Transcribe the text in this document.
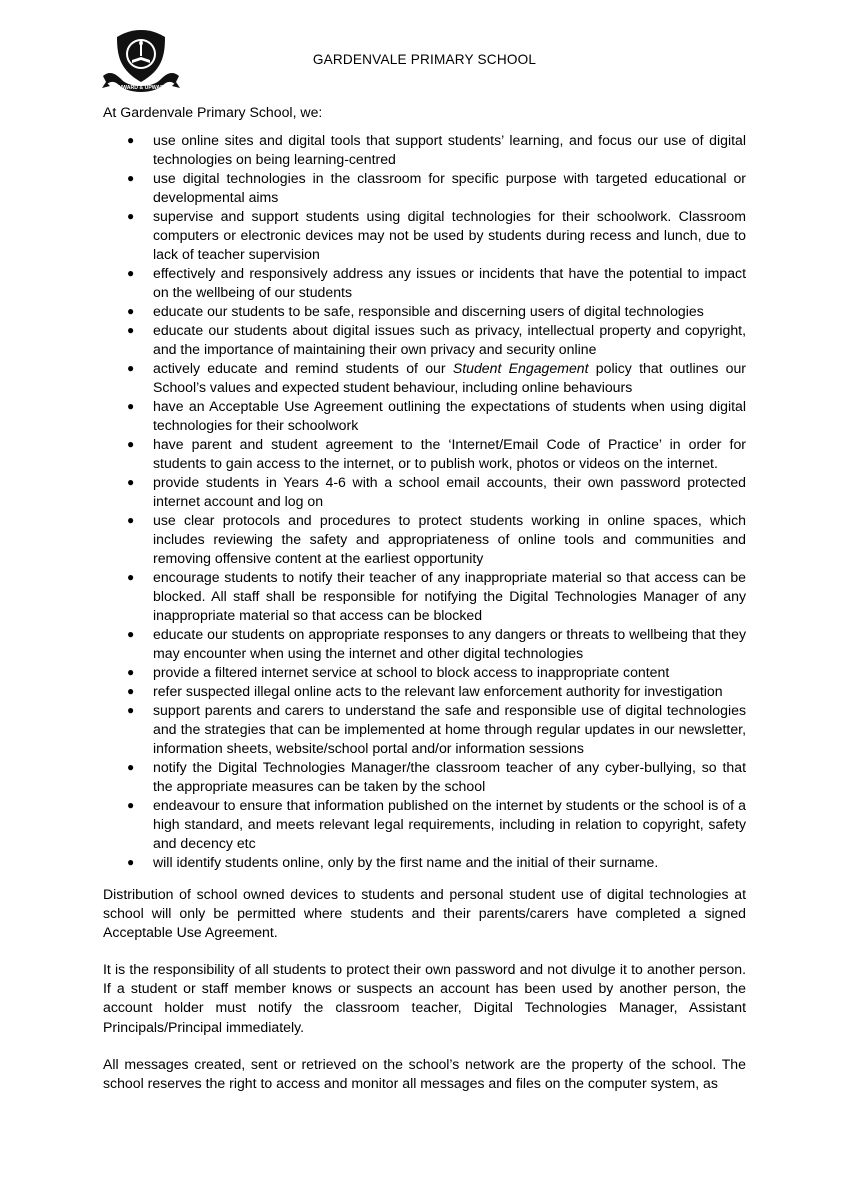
ONWARD & UPWARD
GARDENVALE PRIMARY SCHOOL
At Gardenvale Primary School, we:
● use online sites and digital tools that support students’ learning, and focus our use of digital technologies on being learning-centred
● use digital technologies in the classroom for specific purpose with targeted educational or developmental aims
● supervise and support students using digital technologies for their schoolwork. Classroom computers or electronic devices may not be used by students during recess and lunch, due to lack of teacher supervision
● effectively and responsively address any issues or incidents that have the potential to impact on the wellbeing of our students
● educate our students to be safe, responsible and discerning users of digital technologies
● educate our students about digital issues such as privacy, intellectual property and copyright, and the importance of maintaining their own privacy and security online
● actively educate and remind students of our Student Engagement policy that outlines our School’s values and expected student behaviour, including online behaviours
● have an Acceptable Use Agreement outlining the expectations of students when using digital technologies for their schoolwork
● have parent and student agreement to the ‘Internet/Email Code of Practice’ in order for students to gain access to the internet, or to publish work, photos or videos on the internet.
● provide students in Years 4-6 with a school email accounts, their own password protected internet account and log on
● use clear protocols and procedures to protect students working in online spaces, which includes reviewing the safety and appropriateness of online tools and communities and removing offensive content at the earliest opportunity
● encourage students to notify their teacher of any inappropriate material so that access can be blocked. All staff shall be responsible for notifying the Digital Technologies Manager of any inappropriate material so that access can be blocked
● educate our students on appropriate responses to any dangers or threats to wellbeing that they may encounter when using the internet and other digital technologies
● provide a filtered internet service at school to block access to inappropriate content
● refer suspected illegal online acts to the relevant law enforcement authority for investigation
● support parents and carers to understand the safe and responsible use of digital technologies and the strategies that can be implemented at home through regular updates in our newsletter, information sheets, website/school portal and/or information sessions
● notify the Digital Technologies Manager/the classroom teacher of any cyber-bullying, so that the appropriate measures can be taken by the school
● endeavour to ensure that information published on the internet by students or the school is of a high standard, and meets relevant legal requirements, including in relation to copyright, safety and decency etc
● will identify students online, only by the first name and the initial of their surname.

Distribution of school owned devices to students and personal student use of digital technologies at school will only be permitted where students and their parents/carers have completed a signed Acceptable Use Agreement.

It is the responsibility of all students to protect their own password and not divulge it to another person. If a student or staff member knows or suspects an account has been used by another person, the account holder must notify the classroom teacher, Digital Technologies Manager, Assistant Principals/Principal immediately.

All messages created, sent or retrieved on the school’s network are the property of the school. The school reserves the right to access and monitor all messages and files on the computer system, as
